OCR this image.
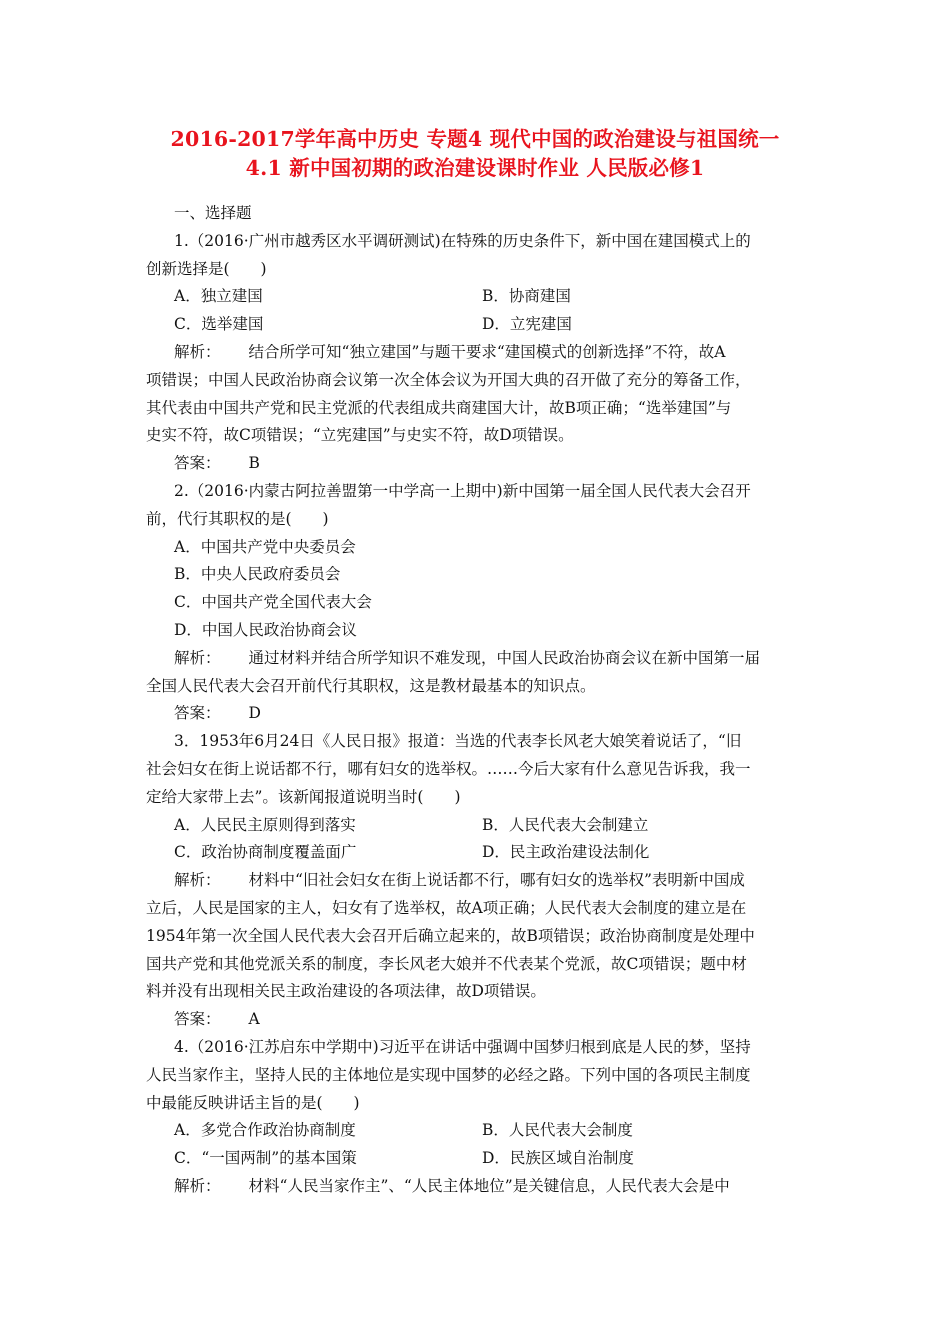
2016-2017学年高中历史 专题4 现代中国的政治建设与祖国统一
4.1 新中国初期的政治建设课时作业 人民版必修1

一、选择题

1.（2016·广州市越秀区水平调研测试)在特殊的历史条件下，新中国在建国模式上的

创新选择是(　　)

A．独立建国	B．协商建国
C．选举建国	D．立宪建国

解析： 结合所学可知“独立建国”与题干要求“建国模式的创新选择”不符，故A

项错误；中国人民政治协商会议第一次全体会议为开国大典的召开做了充分的筹备工作，

其代表由中国共产党和民主党派的代表组成共商建国大计，故B项正确；“选举建国”与

史实不符，故C项错误；“立宪建国”与史实不符，故D项错误。

答案： B

2.（2016·内蒙古阿拉善盟第一中学高一上期中)新中国第一届全国人民代表大会召开

前，代行其职权的是(　　)

A．中国共产党中央委员会

B．中央人民政府委员会

C．中国共产党全国代表大会

D．中国人民政治协商会议

解析： 通过材料并结合所学知识不难发现，中国人民政治协商会议在新中国第一届

全国人民代表大会召开前代行其职权，这是教材最基本的知识点。

答案： D

3．1953年6月24日《人民日报》报道：当选的代表李长风老大娘笑着说话了，“旧

社会妇女在街上说话都不行，哪有妇女的选举权。……今后大家有什么意见告诉我，我一

定给大家带上去”。该新闻报道说明当时(　　)

A．人民民主原则得到落实	B．人民代表大会制建立
C．政治协商制度覆盖面广	D．民主政治建设法制化

解析： 材料中“旧社会妇女在街上说话都不行，哪有妇女的选举权”表明新中国成

立后，人民是国家的主人，妇女有了选举权，故A项正确；人民代表大会制度的建立是在

1954年第一次全国人民代表大会召开后确立起来的，故B项错误；政治协商制度是处理中

国共产党和其他党派关系的制度，李长风老大娘并不代表某个党派，故C项错误；题中材

料并没有出现相关民主政治建设的各项法律，故D项错误。

答案： A

4.（2016·江苏启东中学期中)习近平在讲话中强调中国梦归根到底是人民的梦，坚持

人民当家作主，坚持人民的主体地位是实现中国梦的必经之路。下列中国的各项民主制度

中最能反映讲话主旨的是(　　)

A．多党合作政治协商制度	B．人民代表大会制度
C．“一国两制”的基本国策	D．民族区域自治制度

解析： 材料“人民当家作主”、“人民主体地位”是关键信息，人民代表大会是中
